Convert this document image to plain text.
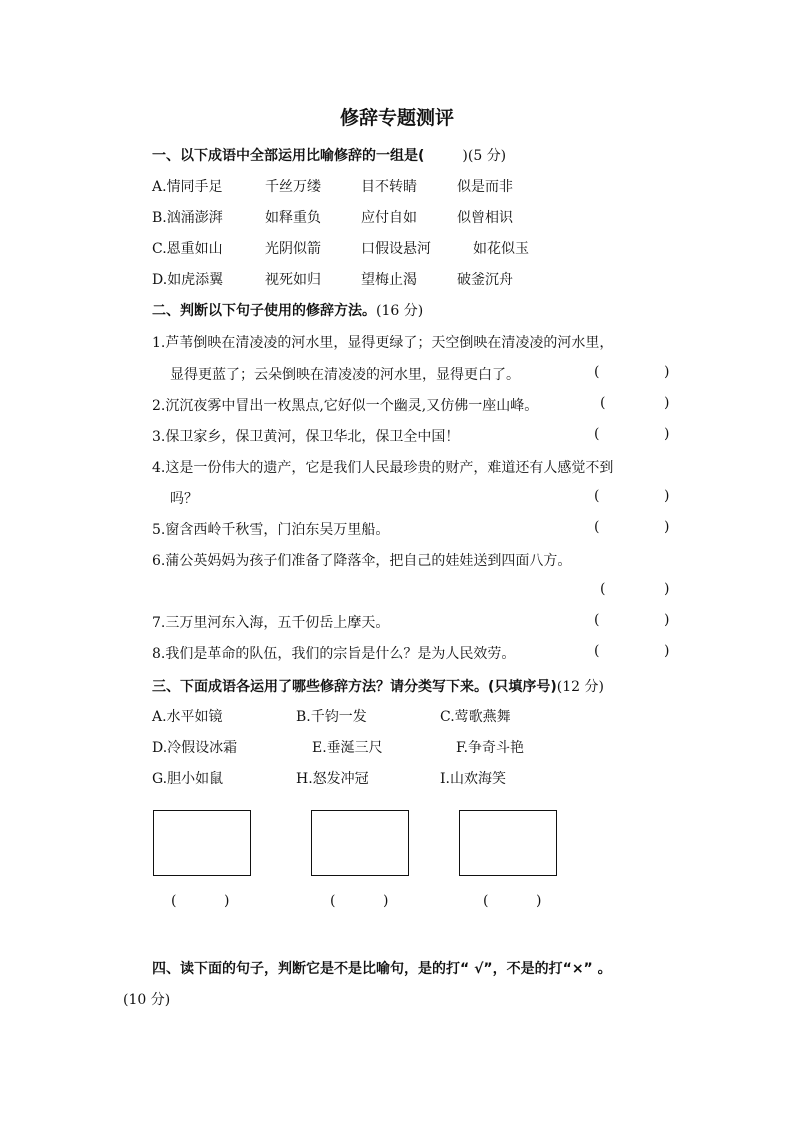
修辞专题测评
一、以下成语中全部运用比喻修辞的一组是(	)(5 分)
A.情同手足	千丝万缕	目不转睛	似是而非
B.汹涌澎湃	如释重负	应付自如	似曾相识
C.恩重如山	光阴似箭	口假设悬河	如花似玉
D.如虎添翼	视死如归	望梅止渴	破釜沉舟
二、判断以下句子使用的修辞方法。(16 分)
1.芦苇倒映在清凌凌的河水里，显得更绿了；天空倒映在清凌凌的河水里，
显得更蓝了；云朵倒映在清凌凌的河水里，显得更白了。	(	)
2.沉沉夜雾中冒出一枚黑点,它好似一个幽灵,又仿佛一座山峰。	(	)
3.保卫家乡，保卫黄河，保卫华北，保卫全中国！	(	)
4.这是一份伟大的遗产，它是我们人民最珍贵的财产，难道还有人感觉不到
吗？	(	)
5.窗含西岭千秋雪，门泊东吴万里船。	(	)
6.蒲公英妈妈为孩子们准备了降落伞，把自己的娃娃送到四面八方。
(	)
7.三万里河东入海，五千仞岳上摩天。	(	)
8.我们是革命的队伍，我们的宗旨是什么？是为人民效劳。	(	)
三、下面成语各运用了哪些修辞方法？请分类写下来。(只填序号)(12 分)
A.水平如镜	B.千钧一发	C.莺歌燕舞
D.冷假设冰霜	E.垂涎三尺	F.争奇斗艳
G.胆小如鼠	H.怒发冲冠	I.山欢海笑
(	)	(	)	(	)
四、读下面的句子，判断它是不是比喻句，是的打“ √”，不是的打“×” 。
(10 分)
